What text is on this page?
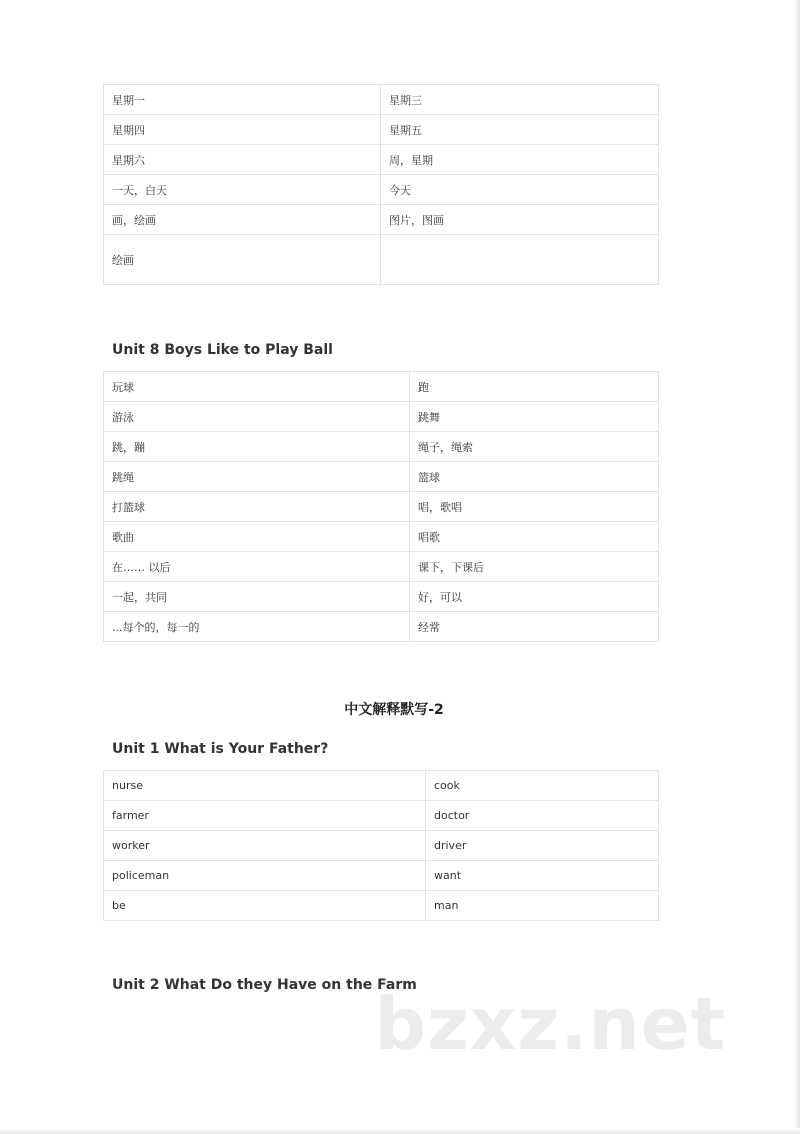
星期一	星期三
星期四	星期五
星期六	周，星期
一天，白天	今天
画，绘画	图片，图画
绘画	
Unit 8 Boys Like to Play Ball
玩球	跑
游泳	跳舞
跳，蹦	绳子，绳索
跳绳	篮球
打篮球	唱，歌唱
歌曲	唱歌
在…… 以后	课下，下课后
一起，共同	好，可以
...每个的，每一的	经常
中文解释默写-2
Unit 1 What is Your Father?
nurse	cook
farmer	doctor
worker	driver
policeman	want
be	man
Unit 2 What Do they Have on the Farm
bzxz.net
